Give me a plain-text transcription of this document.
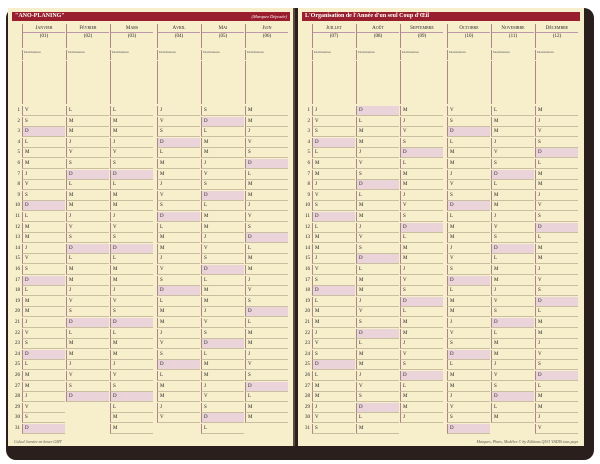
"ANO-PLANING"	(Marquez Déposée)
1
2
3
4
5
6
7
8
9
10
11
12
13
14
15
16
17
18
19
20
21
22
23
24
25
26
27
28
29
30
31
Janvier
(01)
Dominantes
V
S
D
L
M
M
J
V
S
D
L
M
M
J
V
S
D
L
M
M
J
V
S
D
L
M
M
J
V
S
D
Février
(02)
Dominantes
L
M
M
J
V
S
D
L
M
M
J
V
S
D
L
M
M
J
V
S
D
L
M
M
J
V
S
D
Mars
(03)
Dominantes
L
M
M
J
V
S
D
L
M
M
J
V
S
D
L
M
M
J
V
S
D
L
M
M
J
V
S
D
L
M
M
Avril
(04)
Dominantes
J
V
S
D
L
M
M
J
V
S
D
L
M
M
J
V
S
D
L
M
M
J
V
S
D
L
M
M
J
V
Mai
(05)
Dominantes
S
D
L
M
M
J
V
S
D
L
M
M
J
V
S
D
L
M
M
J
V
S
D
L
M
M
J
V
S
D
L
Juin
(06)
Dominantes
M
M
J
V
S
D
L
M
M
J
V
S
D
L
M
M
J
V
S
D
L
M
M
J
V
S
D
L
M
M
Calcul Janvier en heure GMT
L'Organisation de l'Année d'un seul Coup d'Œil
1
2
3
4
5
6
7
8
9
10
11
12
13
14
15
16
17
18
19
20
21
22
23
24
25
26
27
28
29
30
31
Juillet
(07)
Dominantes
J
V
S
D
L
M
M
J
V
S
D
L
M
M
J
V
S
D
L
M
M
J
V
S
D
L
M
M
J
V
S
Août
(08)
Dominantes
D
L
M
M
J
V
S
D
L
M
M
J
V
S
D
L
M
M
J
V
S
D
L
M
M
J
V
S
D
L
M
Septembre
(09)
Dominantes
M
J
V
S
D
L
M
M
J
V
S
D
L
M
M
J
V
S
D
L
M
M
J
V
S
D
L
M
M
J
Octobre
(10)
Dominantes
V
S
D
L
M
M
J
V
S
D
L
M
M
J
V
S
D
L
M
M
J
V
S
D
L
M
M
J
V
S
D
Novembre
(11)
Dominantes
L
M
M
J
V
S
D
L
M
M
J
V
S
D
L
M
M
J
V
S
D
L
M
M
J
V
S
D
L
M
Décembre
(12)
Dominantes
M
J
V
S
D
L
M
M
J
V
S
D
L
M
M
J
V
S
D
L
M
M
J
V
S
D
L
M
M
J
V
Marques, Plans, Modèles © by Editions QUO VADIS tous pays
